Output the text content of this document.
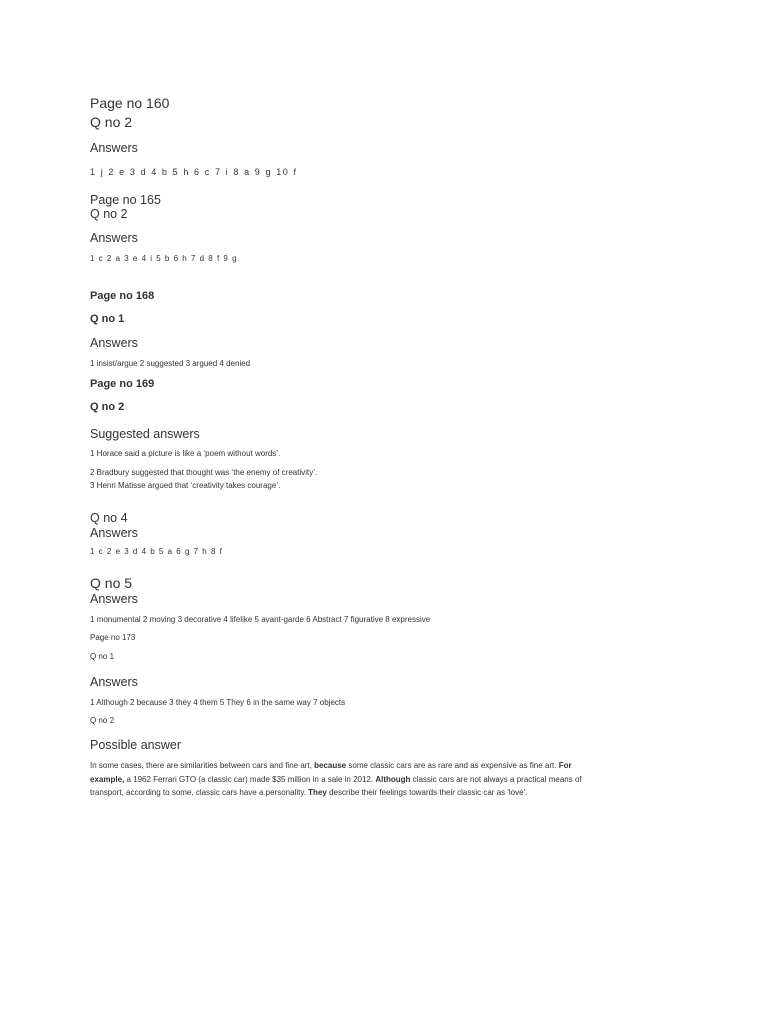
Page no 160

Q no 2

Answers

1 j 2 e 3 d 4 b 5 h 6 c 7 i 8 a 9 g 10 f

Page no 165

Q no 2

Answers

1 c 2 a 3 e 4 i 5 b 6 h 7 d 8 f 9 g

Page no 168

Q no 1

Answers

1 insist/argue 2 suggested 3 argued 4 denied

Page no 169

Q no 2

Suggested answers

1 Horace said a picture is like a ‘poem without words’.

2 Bradbury suggested that thought was ‘the enemy of creativity’.

3 Henri Matisse argued that ‘creativity takes courage’.

Q no 4

Answers

1 c 2 e 3 d 4 b 5 a 6 g 7 h 8 f

Q no 5

Answers

1 monumental 2 moving 3 decorative 4 lifelike 5 avant-garde 6 Abstract 7 figurative 8 expressive

Page no 173

Q no 1

Answers

1 Although 2 because 3 they 4 them 5 They 6 in the same way 7 objects

Q no 2

Possible answer

In some cases, there are similarities between cars and fine art, because some classic cars are as rare and as expensive as fine art. For example, a 1962 Ferrari GTO (a classic car) made $35 million in a sale in 2012. Although classic cars are not always a practical means of transport, according to some, classic cars have a personality. They describe their feelings towards their classic car as 'love'.
